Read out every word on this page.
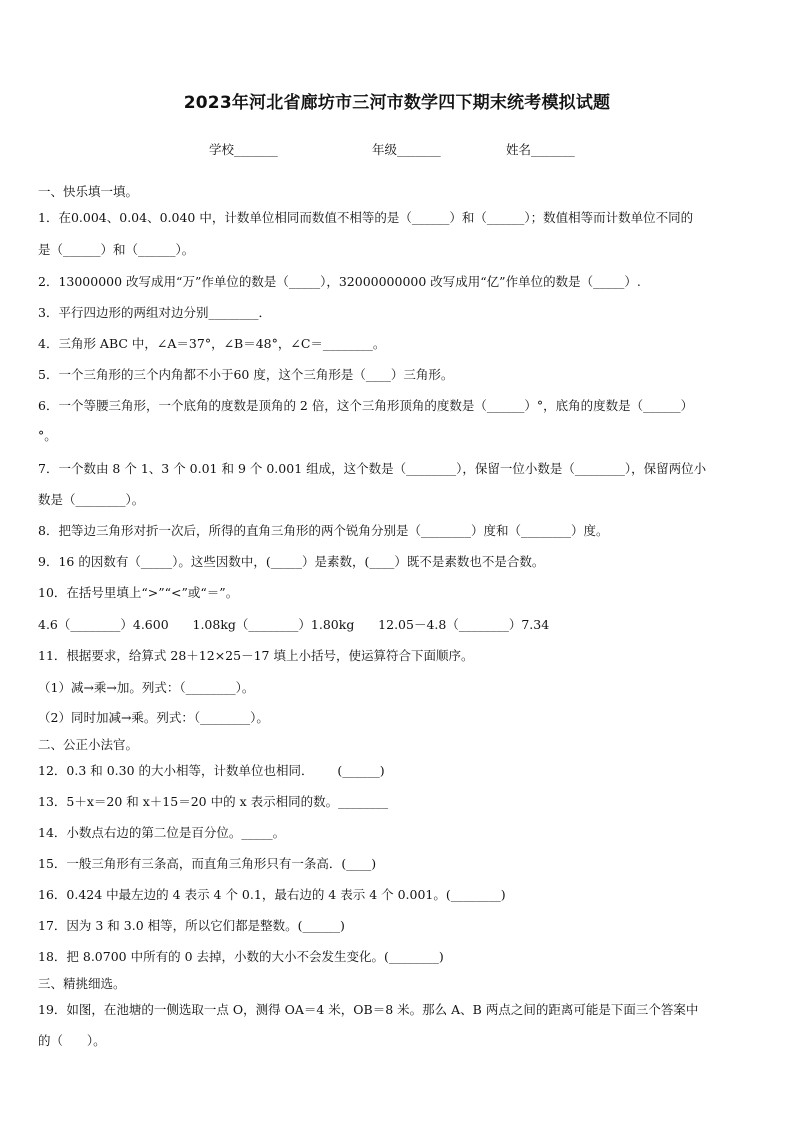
2023年河北省廊坊市三河市数学四下期末统考模拟试题
学校_______	年级_______	姓名_______
一、快乐填一填。
1．在0.004、0.04、0.040 中，计数单位相同而数值不相等的是（______）和（______）；数值相等而计数单位不同的
是（______）和（______）。
2．13000000 改写成用“万”作单位的数是（_____），32000000000 改写成用“亿”作单位的数是（_____）.
3．平行四边形的两组对边分别________．
4．三角形 ABC 中，∠A＝37°，∠B＝48°，∠C＝________。
5．一个三角形的三个内角都不小于60 度，这个三角形是（____）三角形。
6．一个等腰三角形，一个底角的度数是顶角的 2 倍，这个三角形顶角的度数是（______）°，底角的度数是（______）
°。
7．一个数由 8 个 1、3 个 0.01 和 9 个 0.001 组成，这个数是（________），保留一位小数是（________），保留两位小
数是（________）。
8．把等边三角形对折一次后，所得的直角三角形的两个锐角分别是（________）度和（________）度。
9．16 的因数有（_____）。这些因数中，(_____）是素数，(____）既不是素数也不是合数。
10．在括号里填上“>”“<”或“＝”。
4.6（________）4.600      1.08kg（________）1.80kg      12.05－4.8（________）7.34
11．根据要求，给算式 28＋12×25－17 填上小括号，使运算符合下面顺序。
（1）减→乘→加。列式：（________）。
（2）同时加减→乘。列式：（________）。
二、公正小法官。
12．0.3 和 0.30 的大小相等，计数单位也相同．      (______)
13．5＋x＝20 和 x＋15＝20 中的 x 表示相同的数。________
14．小数点右边的第二位是百分位。_____。
15．一般三角形有三条高，而直角三角形只有一条高．(____)
16．0.424 中最左边的 4 表示 4 个 0.1，最右边的 4 表示 4 个 0.001。(________)
17．因为 3 和 3.0 相等，所以它们都是整数。(______)
18．把 8.0700 中所有的 0 去掉，小数的大小不会发生变化。(________)
三、精挑细选。
19．如图，在池塘的一侧选取一点 O，测得 OA＝4 米，OB＝8 米。那么 A、B 两点之间的距离可能是下面三个答案中
的（      ）。
